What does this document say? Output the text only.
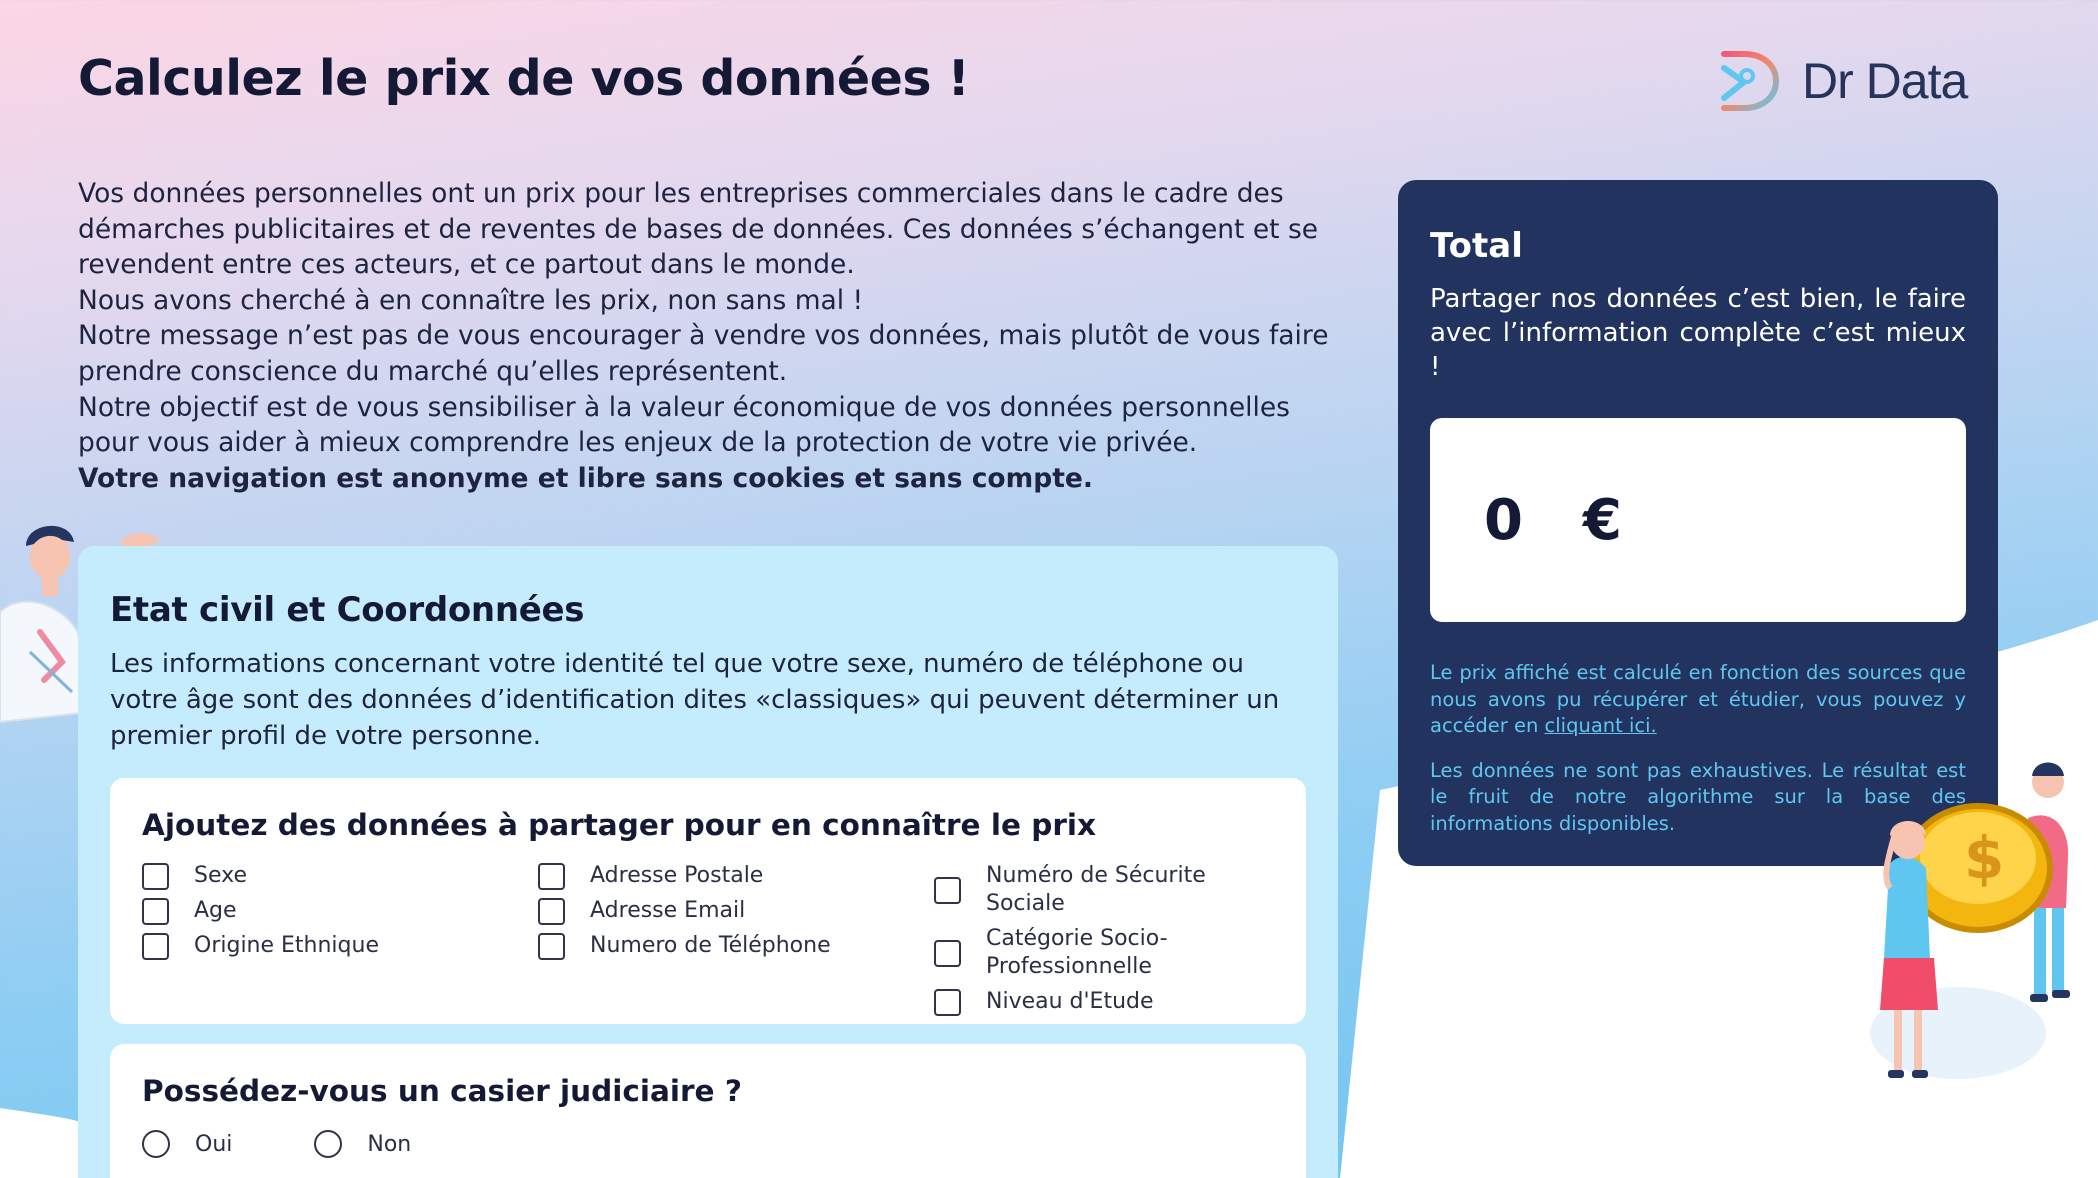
Calculez le prix de vos données !	Dr Data

Vos données personnelles ont un prix pour les entreprises commerciales dans le cadre des démarches publicitaires et de reventes de bases de données. Ces données s’échangent et se revendent entre ces acteurs, et ce partout dans le monde.

Nous avons cherché à en connaître les prix, non sans mal !

Notre message n’est pas de vous encourager à vendre vos données, mais plutôt de vous faire prendre conscience du marché qu’elles représentent.

Notre objectif est de vous sensibiliser à la valeur économique de vos données personnelles pour vous aider à mieux comprendre les enjeux de la protection de votre vie privée.

Votre navigation est anonyme et libre sans cookies et sans compte.

Etat civil et Coordonnées

Les informations concernant votre identité tel que votre sexe, numéro de téléphone ou votre âge sont des données d’identification dites «classiques» qui peuvent déterminer un premier profil de votre personne.

Ajoutez des données à partager pour en connaître le prix
Sexe
Age
Origine Ethnique
Adresse Postale
Adresse Email
Numero de Téléphone
Numéro de Sécurite Sociale
Catégorie Socio-Professionnelle
Niveau d'Etude
Possédez-vous un casier judiciaire ?
Oui	Non
Total

Partager nos données c’est bien, le faire avec l’information complète c’est mieux !

0 €

Le prix affiché est calculé en fonction des sources que nous avons pu récupérer et étudier, vous pouvez y accéder en cliquant ici.

Les données ne sont pas exhaustives. Le résultat est le fruit de notre algorithme sur la base des informations disponibles.

$
